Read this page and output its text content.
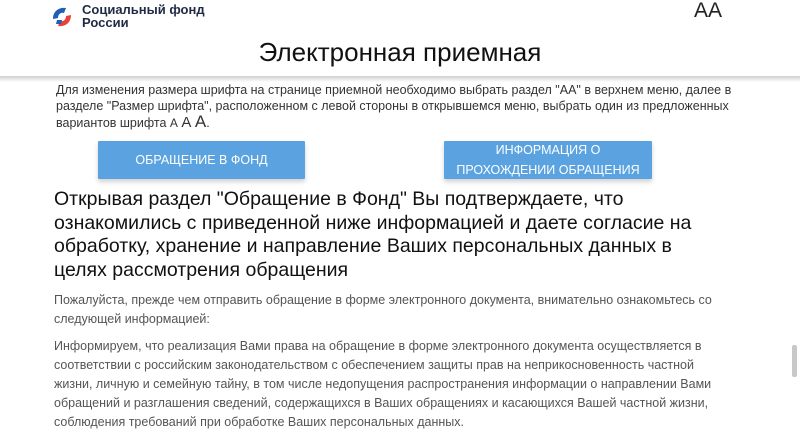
Социальный фонд
России
AA
Электронная приемная

Для изменения размера шрифта на странице приемной необходимо выбрать раздел "АА" в верхнем меню, далее в разделе "Размер шрифта", расположенном с левой стороны в открывшемся меню, выбрать один из предложенных вариантов шрифта А А А.

ОБРАЩЕНИЕ В ФОНД
ИНФОРМАЦИЯ О ПРОХОЖДЕНИИ ОБРАЩЕНИЯ
Открывая раздел "Обращение в Фонд" Вы подтверждаете, что ознакомились с приведенной ниже информацией и даете согласие на обработку, хранение и направление Ваших персональных данных в целях рассмотрения обращения

Пожалуйста, прежде чем отправить обращение в форме электронного документа, внимательно ознакомьтесь со следующей информацией:

Информируем, что реализация Вами права на обращение в форме электронного документа осуществляется в соответствии с российским законодательством с обеспечением защиты прав на неприкосновенность частной жизни, личную и семейную тайну, в том числе недопущения распространения информации о направлении Вами обращений и разглашения сведений, содержащихся в Ваших обращениях и касающихся Вашей частной жизни, соблюдения требований при обработке Ваших персональных данных.
